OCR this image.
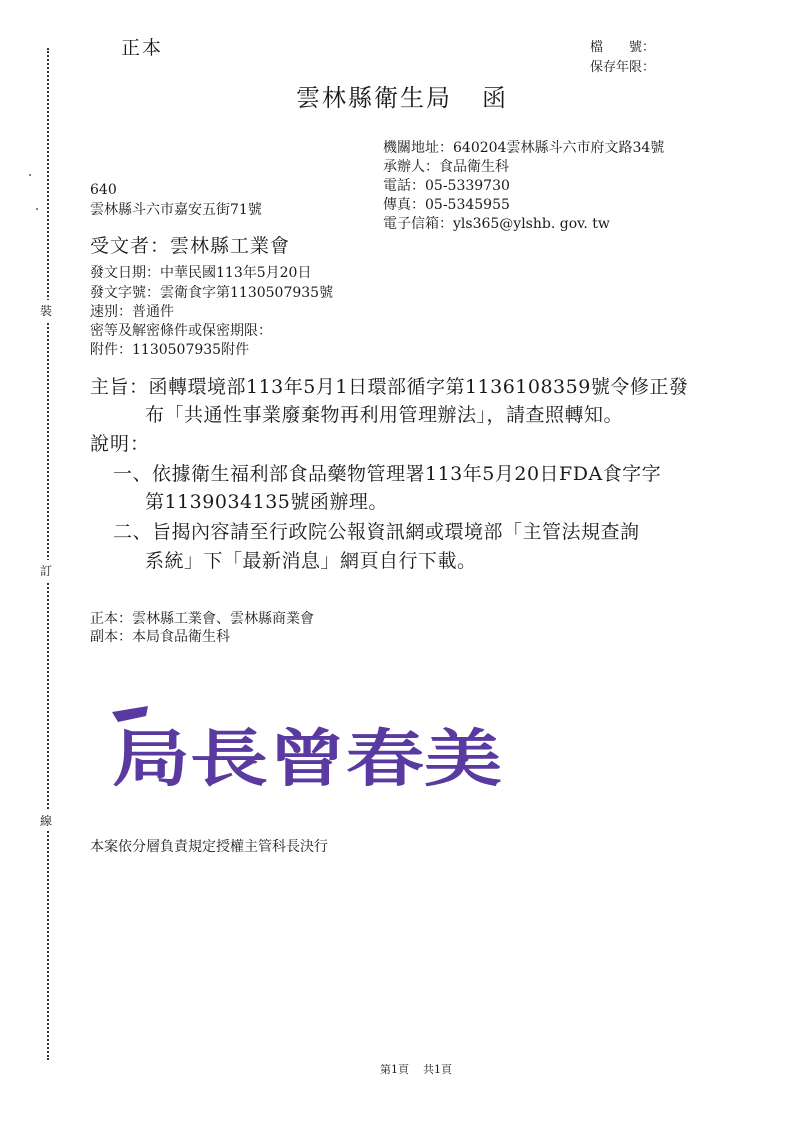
裝
訂
線
正本	檔　　號：
保存年限：
雲林縣衛生局 函
機關地址：640204雲林縣斗六市府文路34號
承辦人：食品衛生科
電話：05-5339730
傳真：05-5345955
電子信箱：yls365@ylshb. gov. tw
640
雲林縣斗六市嘉安五街71號
受文者：雲林縣工業會
發文日期：中華民國113年5月20日
發文字號：雲衛食字第1130507935號
速別：普通件
密等及解密條件或保密期限：
附件：1130507935附件
主旨：函轉環境部113年5月1日環部循字第1136108359號令修正發
布「共通性事業廢棄物再利用管理辦法」，請查照轉知。
說明：
一、依據衛生福利部食品藥物管理署113年5月20日FDA食字字
第1139034135號函辦理。
二、旨揭內容請至行政院公報資訊網或環境部「主管法規查詢
系統」下「最新消息」網頁自行下載。
正本：雲林縣工業會、雲林縣商業會
副本：本局食品衛生科
局長曾春美
本案依分層負責規定授權主管科長決行
第1頁 共1頁
